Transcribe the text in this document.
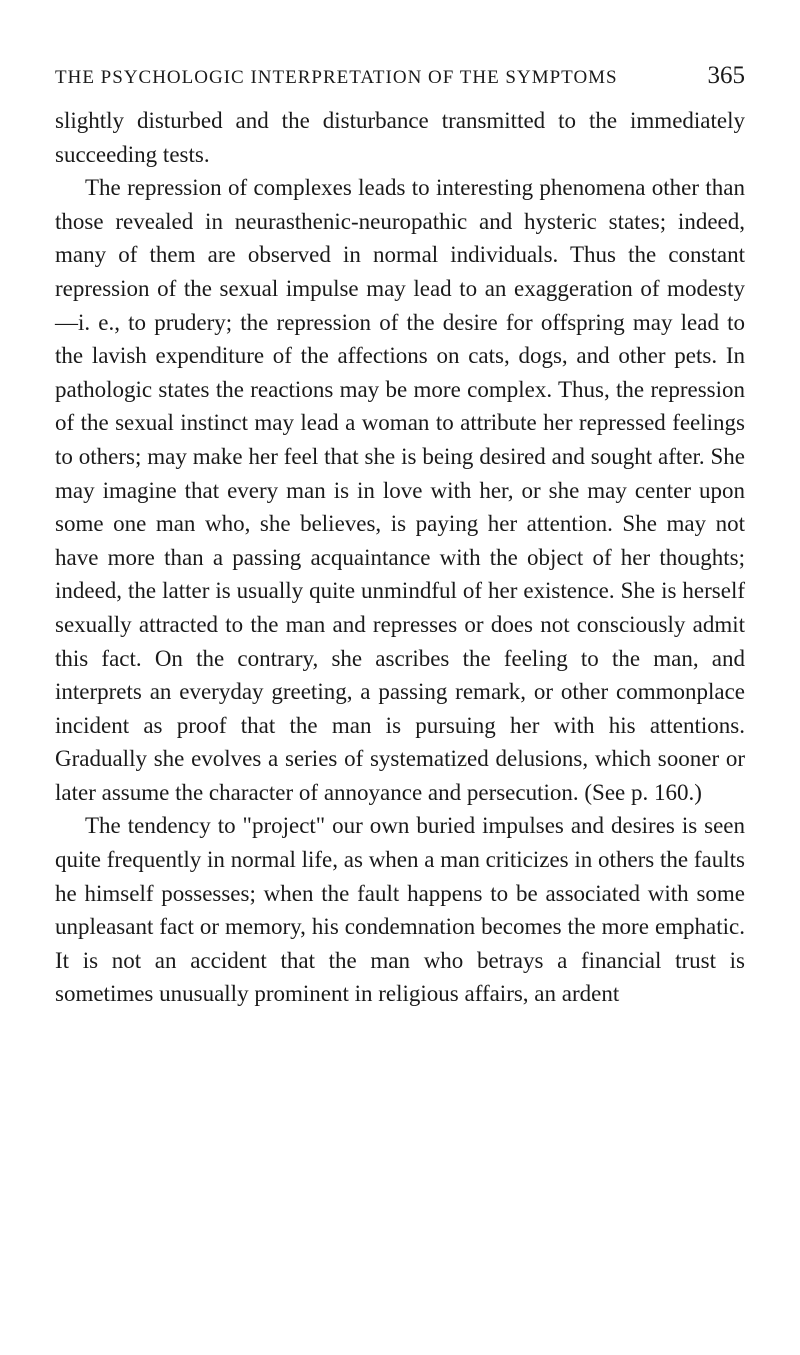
THE PSYCHOLOGIC INTERPRETATION OF THE SYMPTOMS	365

slightly disturbed and the disturbance transmitted to the immediately succeeding tests.

The repression of complexes leads to interesting phenomena other than those revealed in neurasthenic-neuropathic and hysteric states; indeed, many of them are observed in normal individuals. Thus the constant repression of the sexual impulse may lead to an exaggeration of modesty—i. e., to prudery; the repression of the desire for offspring may lead to the lavish expenditure of the affections on cats, dogs, and other pets. In pathologic states the reactions may be more complex. Thus, the repression of the sexual instinct may lead a woman to attribute her repressed feelings to others; may make her feel that she is being desired and sought after. She may imagine that every man is in love with her, or she may center upon some one man who, she believes, is paying her attention. She may not have more than a passing acquaintance with the object of her thoughts; indeed, the latter is usually quite unmindful of her existence. She is herself sexually attracted to the man and represses or does not consciously admit this fact. On the contrary, she ascribes the feeling to the man, and interprets an everyday greeting, a passing remark, or other commonplace incident as proof that the man is pursuing her with his attentions. Gradually she evolves a series of systematized delusions, which sooner or later assume the character of annoyance and persecution. (See p. 160.)

The tendency to "project" our own buried impulses and desires is seen quite frequently in normal life, as when a man criticizes in others the faults he himself possesses; when the fault happens to be associated with some unpleasant fact or memory, his condemnation becomes the more emphatic. It is not an accident that the man who betrays a financial trust is sometimes unusually prominent in religious affairs, an ardent
